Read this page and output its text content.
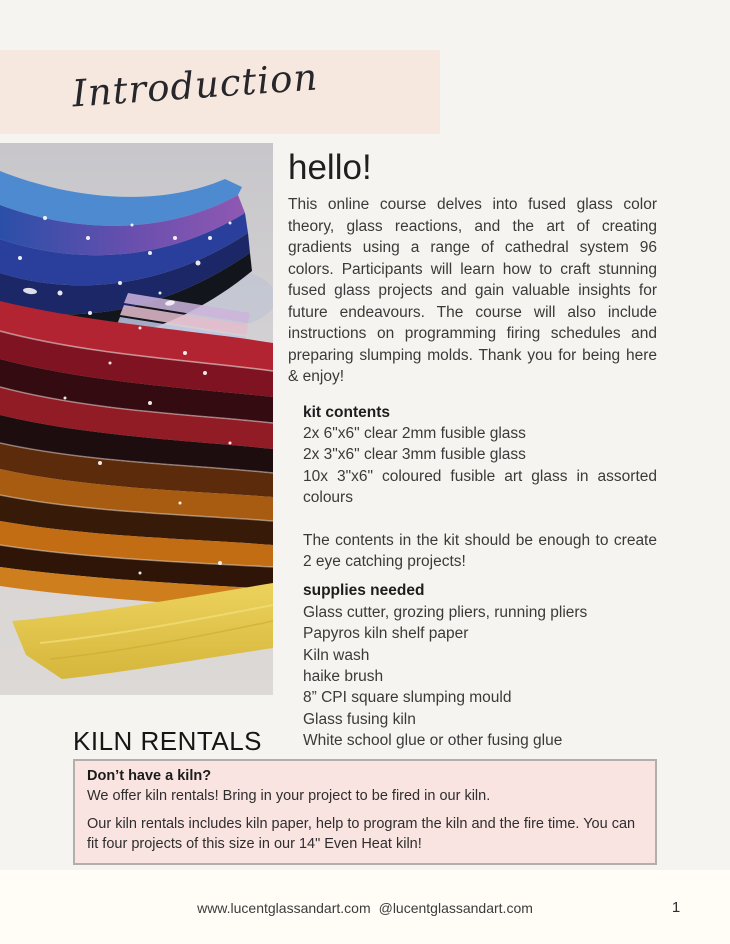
Introduction
hello!

This online course delves into fused glass color theory, glass reactions, and the art of creating gradients using a range of cathedral system 96 colors. Participants will learn how to craft stunning fused glass projects and gain valuable insights for future endeavours. The course will also include instructions on programming firing schedules and preparing slumping molds. Thank you for being here & enjoy!

kit contents
2x 6"x6" clear 2mm fusible glass
2x 3"x6" clear 3mm fusible glass
10x 3"x6" coloured fusible art glass in assorted colours
The contents in the kit should be enough to create 2 eye catching projects!
supplies needed
Glass cutter, grozing pliers, running pliers
Papyros kiln shelf paper
Kiln wash
haike brush
8” CPI square slumping mould
Glass fusing kiln
White school glue or other fusing glue
KILN RENTALS
Don’t have a kiln?

We offer kiln rentals! Bring in your project to be fired in our kiln.

Our kiln rentals includes kiln paper, help to program the kiln and the fire time. You can fit four projects of this size in our 14" Even Heat kiln!

www.lucentglassandart.com @lucentglassandart.com	1
